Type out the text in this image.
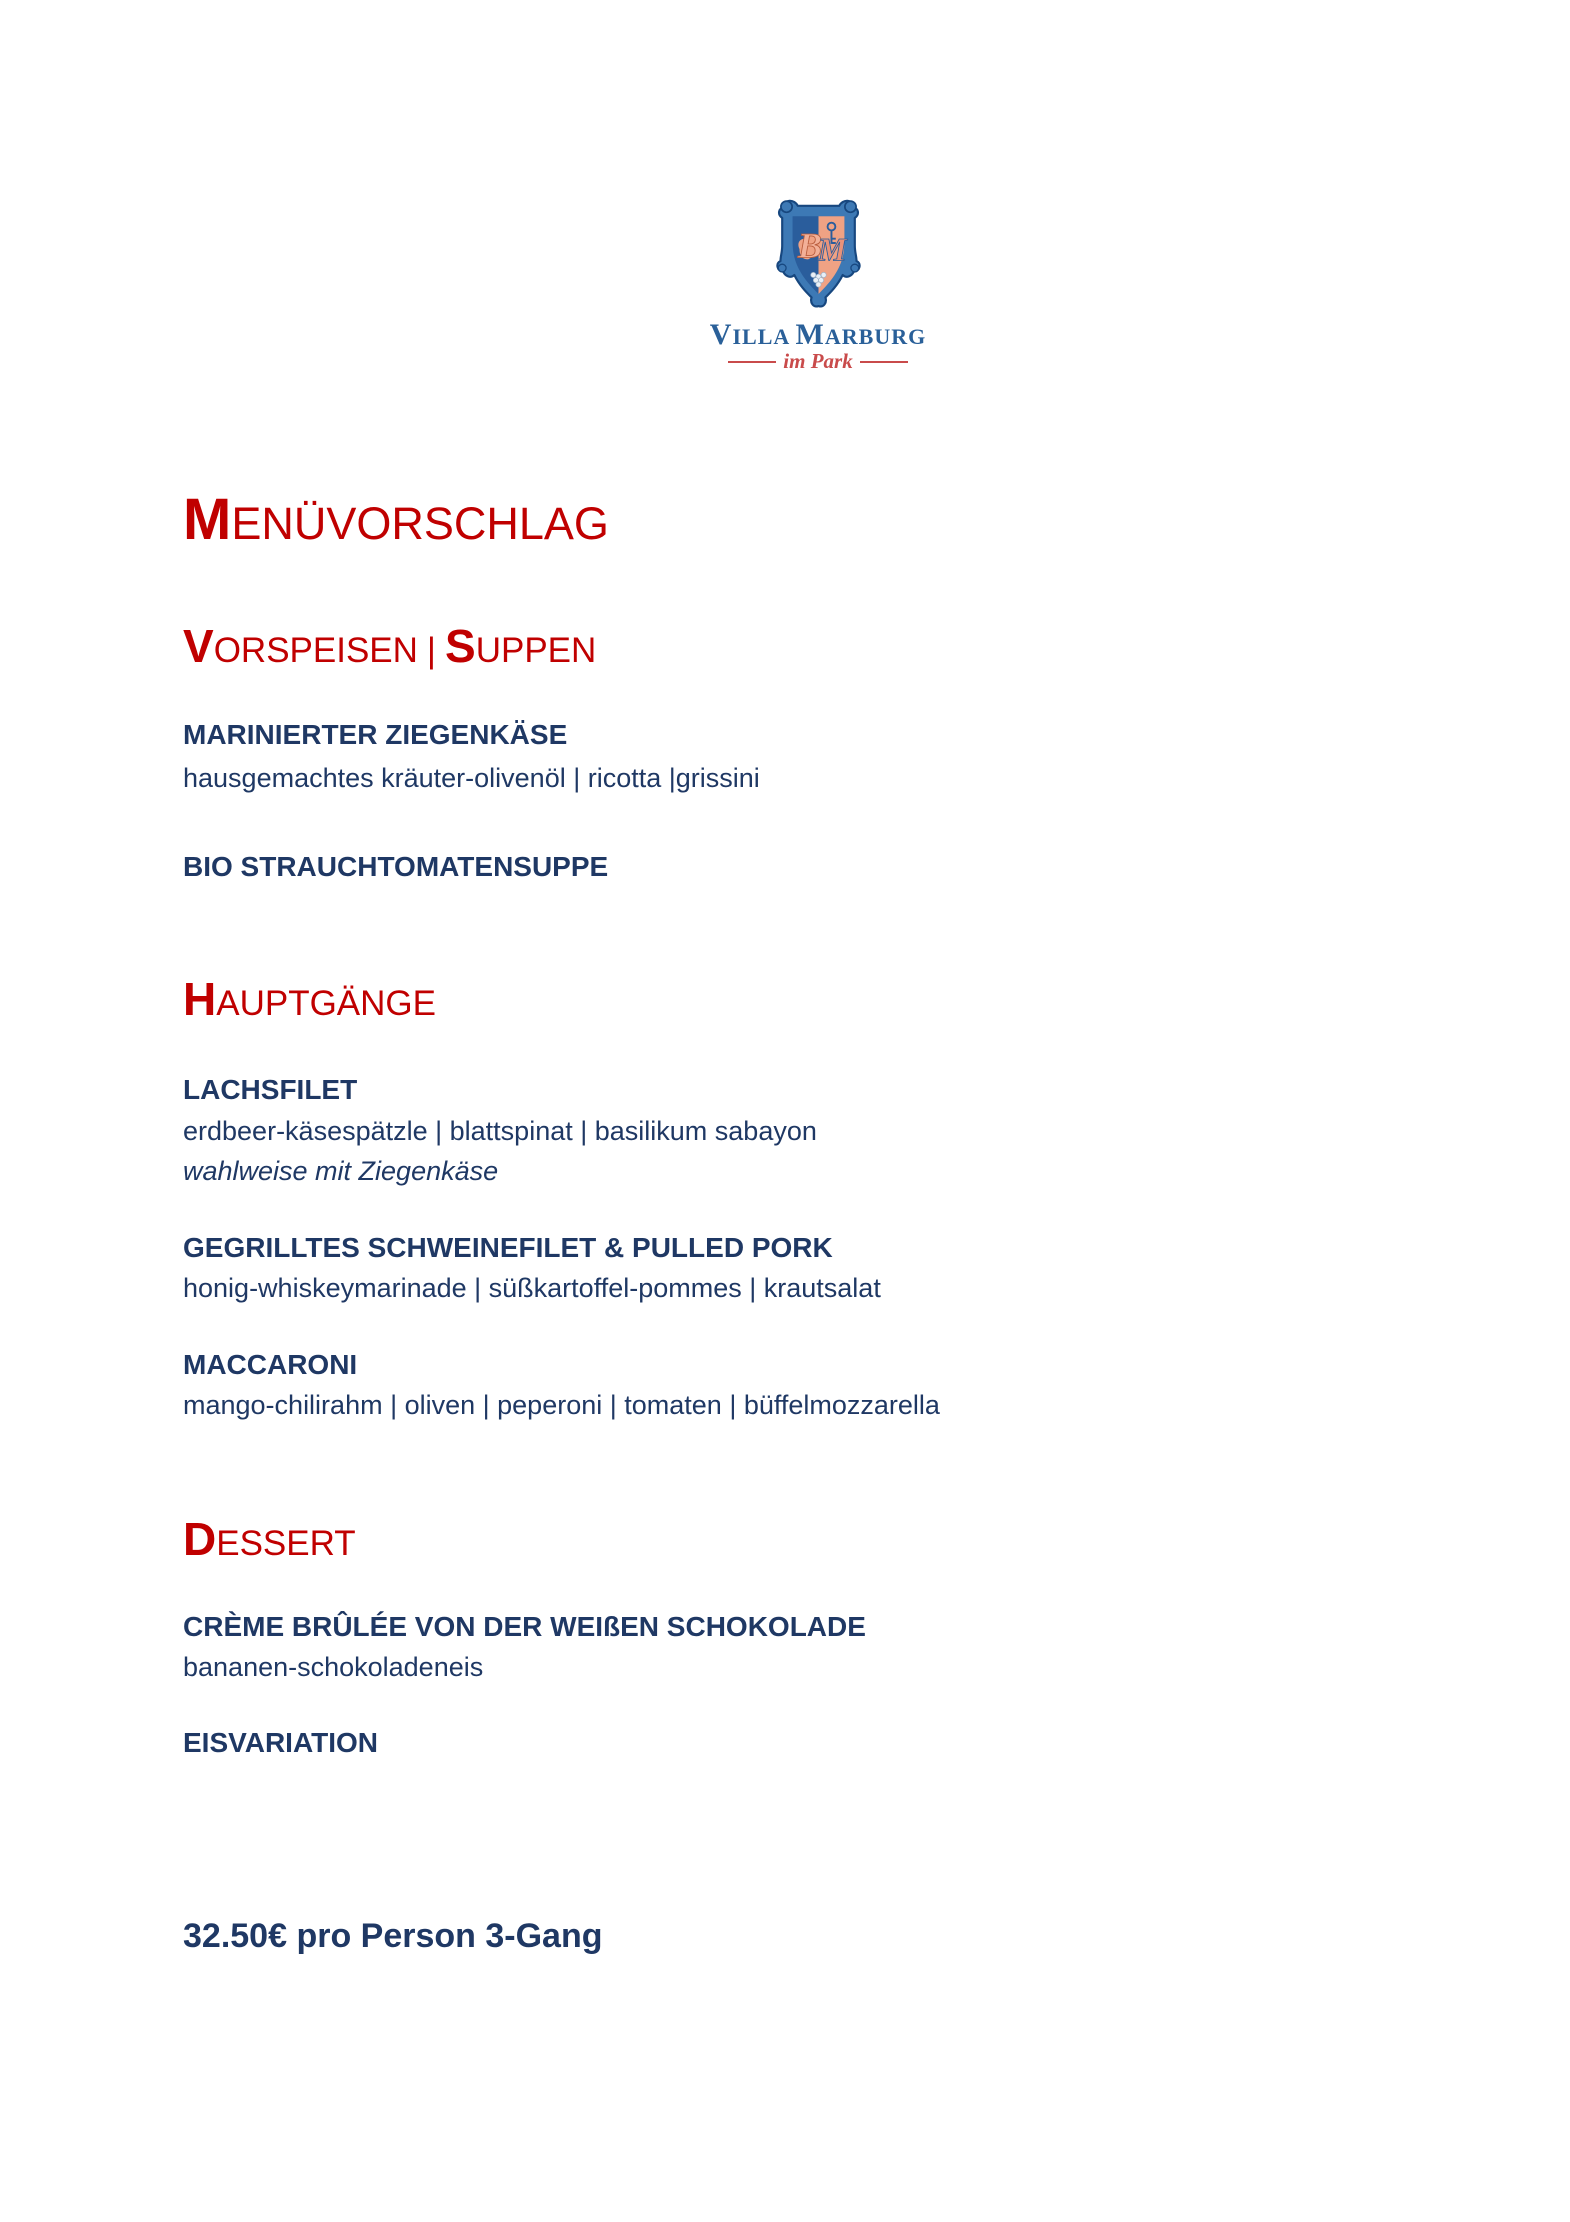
B
M
VILLA MARBURG
im Park
MENÜVORSCHLAG
VORSPEISEN | SUPPEN
MARINIERTER ZIEGENKÄSE
hausgemachtes kräuter-olivenöl | ricotta |grissini
BIO STRAUCHTOMATENSUPPE
HAUPTGÄNGE
LACHSFILET
erdbeer-käsespätzle | blattspinat | basilikum sabayon
wahlweise mit Ziegenkäse
GEGRILLTES SCHWEINEFILET & PULLED PORK
honig-whiskeymarinade | süßkartoffel-pommes | krautsalat
MACCARONI
mango-chilirahm | oliven | peperoni | tomaten | büffelmozzarella
DESSERT
CRÈME BRÛLÉE VON DER WEIßEN SCHOKOLADE
bananen-schokoladeneis
EISVARIATION
32.50€ pro Person 3-Gang
